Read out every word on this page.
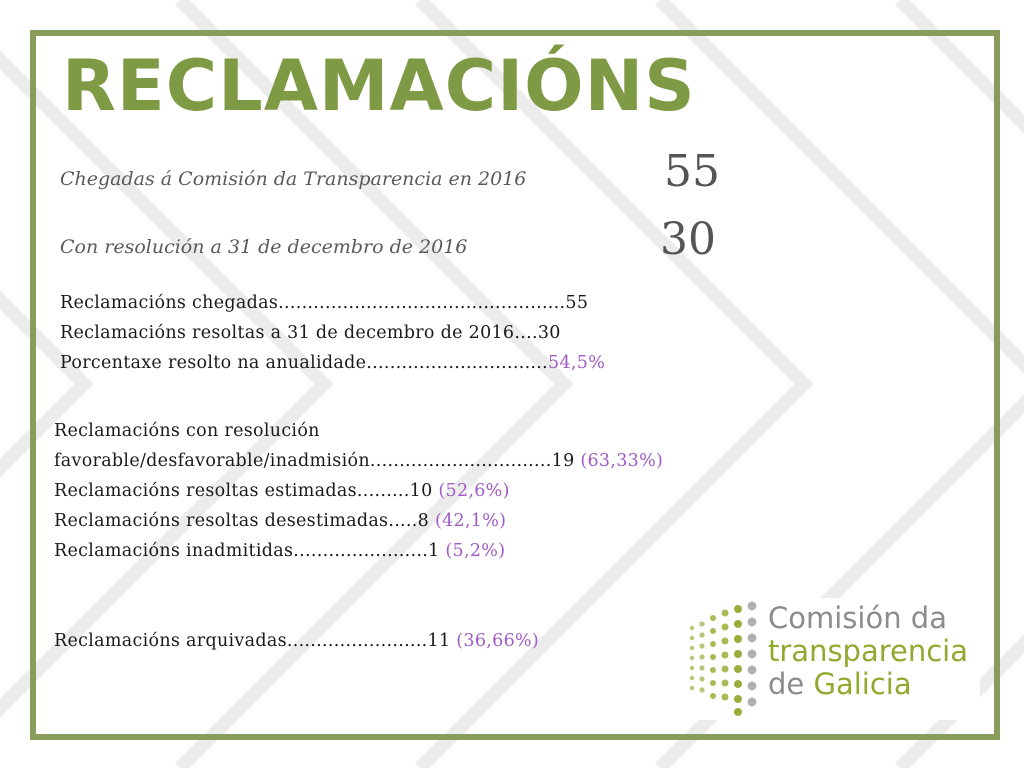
RECLAMACIÓNS
Chegadas á Comisión da Transparencia en 2016	55
Con resolución a 31 de decembro de 2016	30
Reclamacións chegadas.................................................55
Reclamacións resoltas a 31 de decembro de 2016....30
Porcentaxe resolto na anualidade...............................54,5%
Reclamacións con resolución
favorable/desfavorable/inadmisión...............................19 (63,33%)
Reclamacións resoltas estimadas.........10 (52,6%)
Reclamacións resoltas desestimadas.....8 (42,1%)
Reclamacións inadmitidas.......................1 (5,2%)
Reclamacións arquivadas........................11 (36,66%)
Comisión da
transparencia
de Galicia
